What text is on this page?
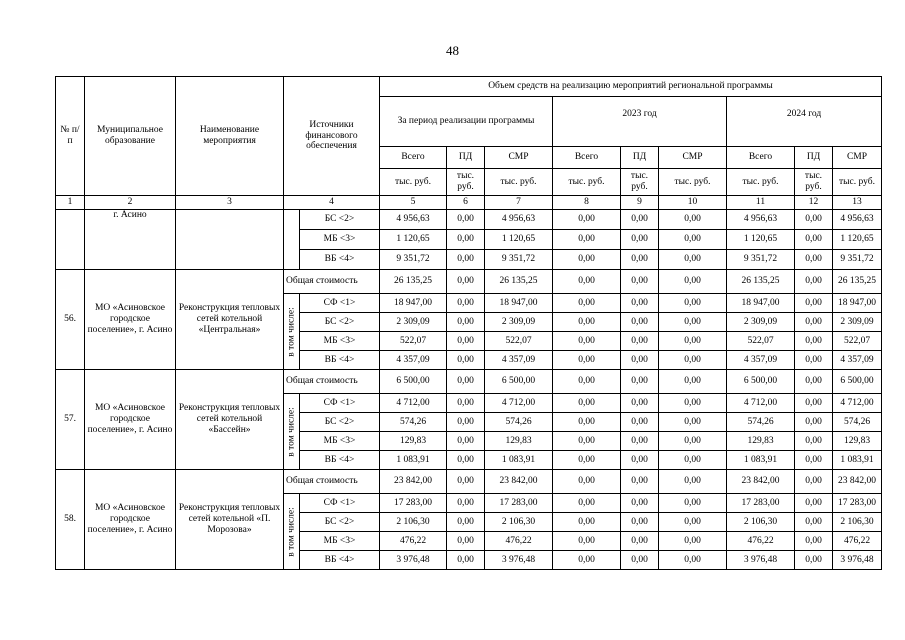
48
№ п/п	Муниципальное образование	Наименование мероприятия	Источники финансового обеспечения		Объем средств на реализацию мероприятий региональной программы								
					За период реализации программы			2023 год			2024 год		
					Всего	ПД	СМР	Всего	ПД	СМР	Всего	ПД	СМР
					тыс. руб.	тыс. руб.	тыс. руб.	тыс. руб.	тыс. руб.	тыс. руб.	тыс. руб.	тыс. руб.	тыс. руб.
1	2	3	4		5	6	7	8	9	10	11	12	13
	г. Асино			БС <2>	4 956,63	0,00	4 956,63	0,00	0,00	0,00	4 956,63	0,00	4 956,63
				МБ <3>	1 120,65	0,00	1 120,65	0,00	0,00	0,00	1 120,65	0,00	1 120,65
				ВБ <4>	9 351,72	0,00	9 351,72	0,00	0,00	0,00	9 351,72	0,00	9 351,72
56.	МО «Асиновское городское поселение», г. Асино	Реконструкция тепловых сетей котельной «Центральная»	Общая стоимость		26 135,25	0,00	26 135,25	0,00	0,00	0,00	26 135,25	0,00	26 135,25

			в том числе:	СФ <1>	18 947,00	0,00	18 947,00	0,00	0,00	0,00	18 947,00	0,00	18 947,00
				БС <2>	2 309,09	0,00	2 309,09	0,00	0,00	0,00	2 309,09	0,00	2 309,09
				МБ <3>	522,07	0,00	522,07	0,00	0,00	0,00	522,07	0,00	522,07
				ВБ <4>	4 357,09	0,00	4 357,09	0,00	0,00	0,00	4 357,09	0,00	4 357,09
57.	МО «Асиновское городское поселение», г. Асино	Реконструкция тепловых сетей котельной «Бассейн»	Общая стоимость		6 500,00	0,00	6 500,00	0,00	0,00	0,00	6 500,00	0,00	6 500,00

			в том числе:	СФ <1>	4 712,00	0,00	4 712,00	0,00	0,00	0,00	4 712,00	0,00	4 712,00
				БС <2>	574,26	0,00	574,26	0,00	0,00	0,00	574,26	0,00	574,26
				МБ <3>	129,83	0,00	129,83	0,00	0,00	0,00	129,83	0,00	129,83
				ВБ <4>	1 083,91	0,00	1 083,91	0,00	0,00	0,00	1 083,91	0,00	1 083,91
58.	МО «Асиновское городское поселение», г. Асино	Реконструкция тепловых сетей котельной «П. Морозова»	Общая стоимость		23 842,00	0,00	23 842,00	0,00	0,00	0,00	23 842,00	0,00	23 842,00

			в том числе:	СФ <1>	17 283,00	0,00	17 283,00	0,00	0,00	0,00	17 283,00	0,00	17 283,00
				БС <2>	2 106,30	0,00	2 106,30	0,00	0,00	0,00	2 106,30	0,00	2 106,30
				МБ <3>	476,22	0,00	476,22	0,00	0,00	0,00	476,22	0,00	476,22
				ВБ <4>	3 976,48	0,00	3 976,48	0,00	0,00	0,00	3 976,48	0,00	3 976,48
